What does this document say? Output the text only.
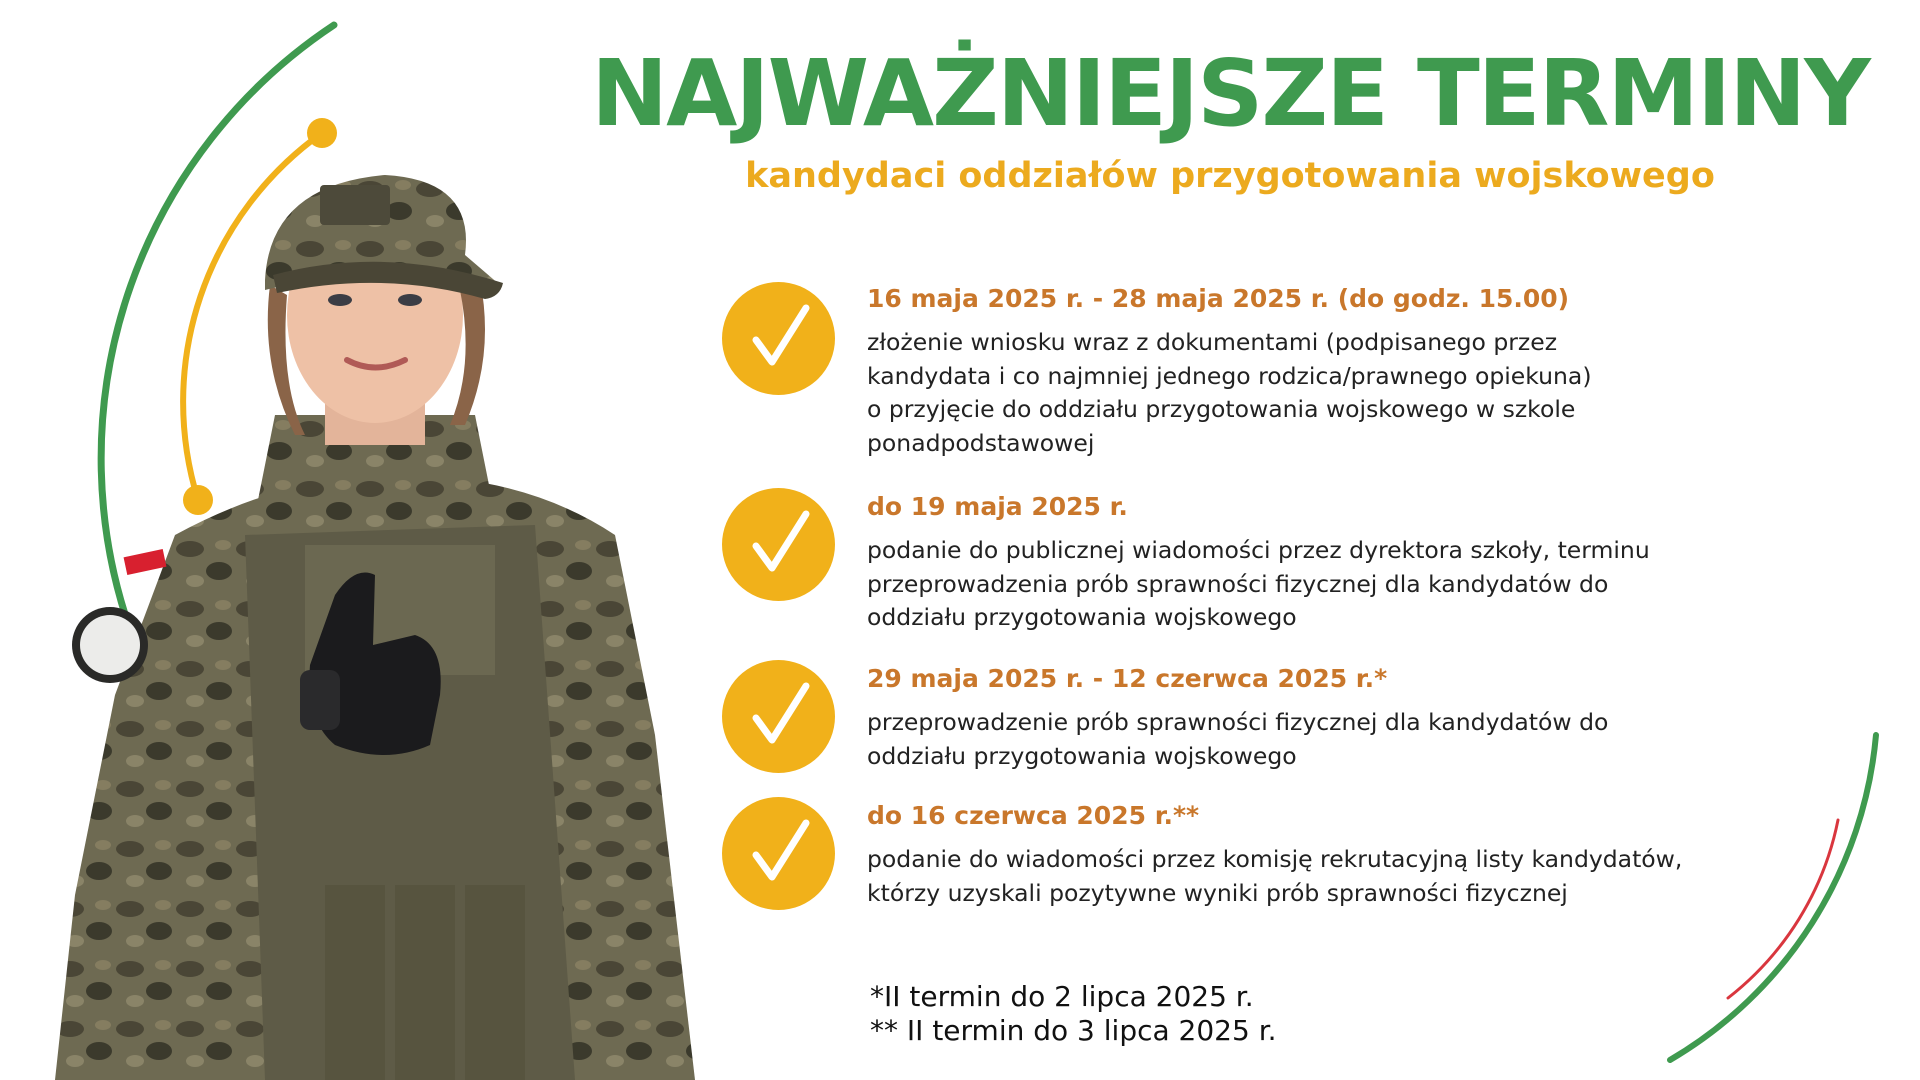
NAJWAŻNIEJSZE TERMINY
kandydaci oddziałów przygotowania wojskowego
16 maja 2025 r. - 28 maja 2025 r. (do godz. 15.00)
złożenie wniosku wraz z dokumentami (podpisanego przez
kandydata i co najmniej jednego rodzica/prawnego opiekuna)
o przyjęcie do oddziału przygotowania wojskowego w szkole
ponadpodstawowej
do 19 maja 2025 r.
podanie do publicznej wiadomości przez dyrektora szkoły, terminu
przeprowadzenia prób sprawności fizycznej dla kandydatów do
oddziału przygotowania wojskowego
29 maja 2025 r. - 12 czerwca 2025 r.*
przeprowadzenie prób sprawności fizycznej dla kandydatów do
oddziału przygotowania wojskowego
do 16 czerwca 2025 r.**
podanie do wiadomości przez komisję rekrutacyjną listy kandydatów,
którzy uzyskali pozytywne wyniki prób sprawności fizycznej
*II termin do 2 lipca 2025 r.
** II termin do 3 lipca 2025 r.
